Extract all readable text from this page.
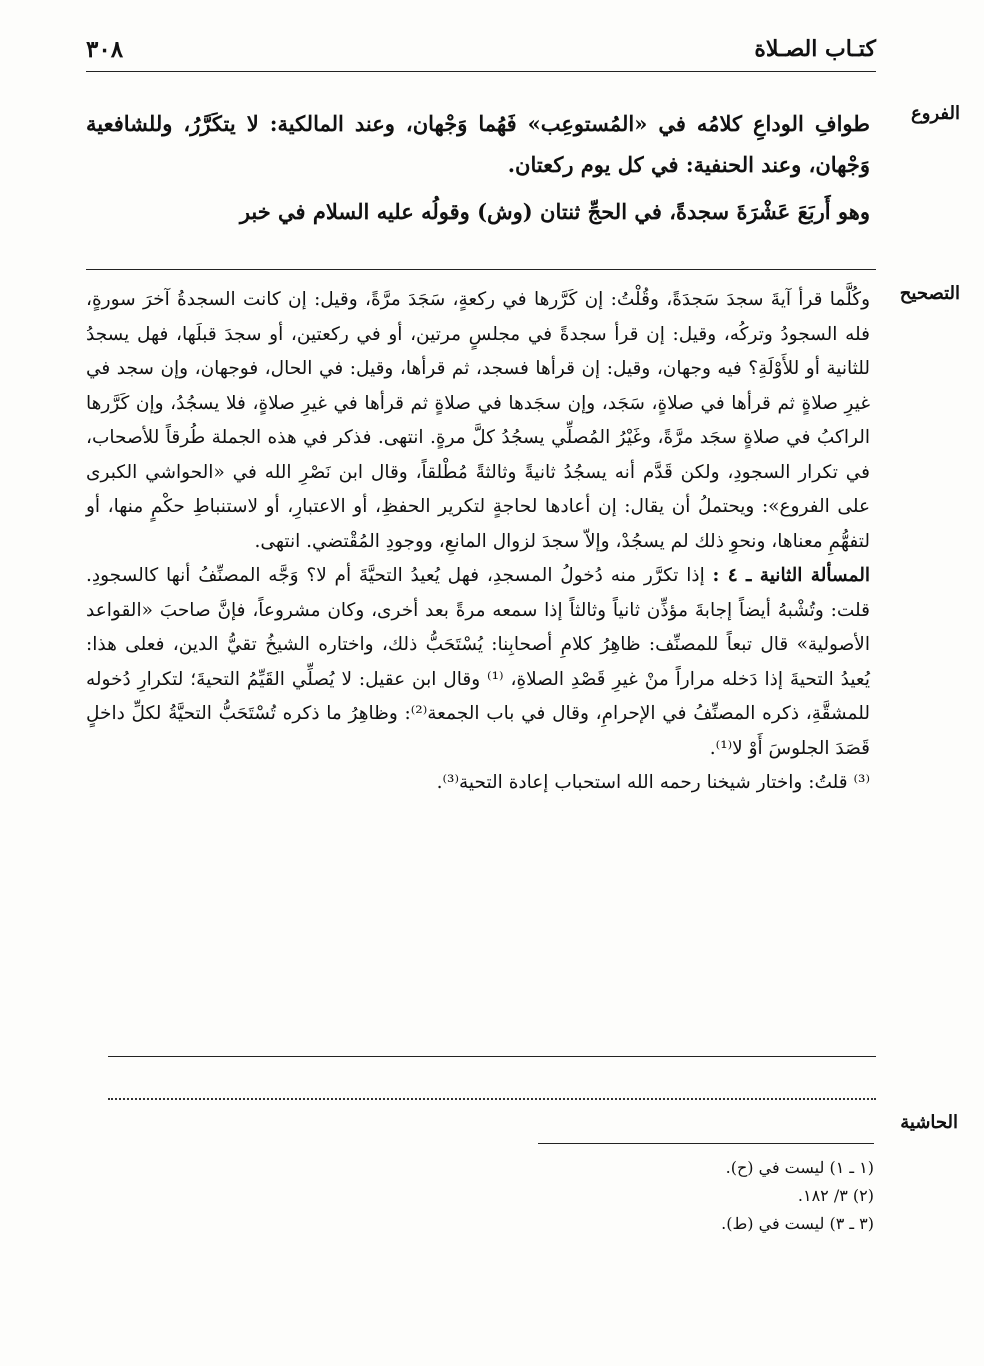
كتـاب الصـلاة
٣٠٨
الفروع

طوافِ الوداعِ كلامُه في «المُستوعِب» فَهُما وَجْهان، وعند المالكية: لا يتكَرَّرُ، وللشافعية وَجْهان، وعند الحنفية: في كل يوم ركعتان.

وهو أَربَعَ عَشْرَةَ سجدةً، في الحجِّ ثنتان (وش) وقولُه عليه السلام في خبر

التصحيح

وكُلَّما قرأ آيةَ سجدَ سَجدَةً، وقُلْتُ: إن كَرَّرها في ركعةٍ، سَجَدَ مرَّةً، وقيل: إن كانت السجدةُ آخرَ سورةٍ، فله السجودُ وتركُه، وقيل: إن قرأ سجدةً في مجلسٍ مرتين، أو في ركعتين، أو سجدَ قبلَها، فهل يسجدُ للثانية أو للأَوْلَةِ؟ فيه وجهان، وقيل: إن قرأها فسجد، ثم قرأها، وقيل: في الحال، فوجهان، وإن سجد في غيرِ صلاةٍ ثم قرأها في صلاةٍ، سَجَد، وإن سجَدها في صلاةٍ ثم قرأها في غيرِ صلاةٍ، فلا يسجُدُ، وإن كَرَّرها الراكبُ في صلاةٍ سجَد مرَّةً، وغَيْرُ المُصلِّي يسجُدُ كلَّ مرةٍ. انتهى. فذكر في هذه الجملة طُرقاً للأصحاب، في تكرار السجودِ، ولكن قَدَّم أنه يسجُدُ ثانيةً وثالثةً مُطْلقاً، وقال ابن نَصْرِ الله في «الحواشي الكبرى على الفروع»: ويحتملُ أن يقال: إن أعادها لحاجةٍ لتكرير الحفظِ، أو الاعتبارِ، أو لاستنباطِ حكْمٍ منها، أو لتفهُّمِ معناها، ونحوِ ذلك لم يسجُدْ، وإلاّ سجدَ لزوال المانعِ، ووجودِ المُقْتضي. انتهى.

المسألة الثانية ـ ٤ : إذا تكرَّر منه دُخولُ المسجدِ، فهل يُعيدُ التحيَّةَ أم لا؟ وَجَّه المصنِّفُ أنها كالسجودِ. قلت: وتُشْبهُ أيضاً إجابةَ مؤذِّن ثانياً وثالثاً إذا سمعه مرةً بعد أخرى، وكان مشروعاً، فإنَّ صاحبَ «القواعد الأصولية» قال تبعاً للمصنِّف: ظاهِرُ كلامِ أصحابِنا: يُسْتَحَبُّ ذلك، واختاره الشيخُ تقيُّ الدين، فعلى هذا: يُعيدُ التحيةَ إذا دَخله مراراً منْ غيرِ قَصْدِ الصلاةِ، ⁽¹⁾ وقال ابن عقيل: لا يُصلِّي القَيِّمُ التحيةَ؛ لتكرارِ دُخوله للمشقَّةِ، ذكره المصنِّفُ في الإحرامِ، وقال في باب الجمعة⁽²⁾: وظاهِرُ ما ذكره تُسْتَحَبُّ التحيَّةُ لكلِّ داخلٍ قَصَدَ الجلوسَ أَوْ لا⁽¹⁾.

⁽³⁾ قلتُ: واختار شيخنا رحمه الله استحباب إعادة التحية⁽³⁾.

الحاشية
(١ ـ ١) ليست في (ح).
(٢) ٣/ ١٨٢.
(٣ ـ ٣) ليست في (ط).
